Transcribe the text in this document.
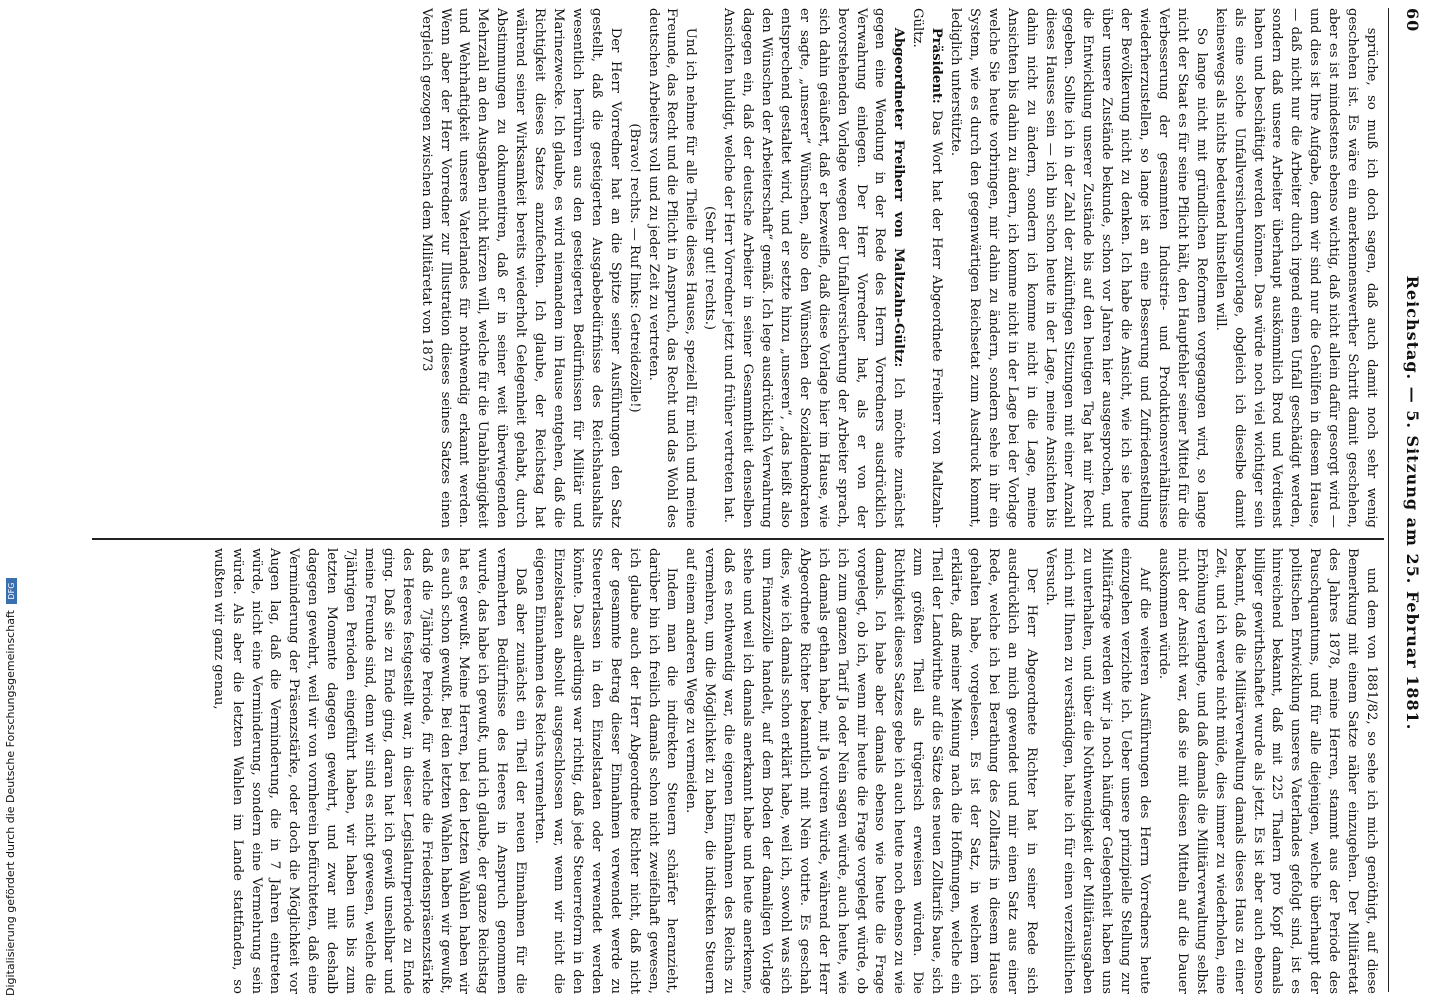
60
Reichstag. — 5. Sitzung am 25. Februar 1881.

sprüche, so muß ich doch sagen, daß auch damit noch sehr wenig geschehen ist. Es wäre ein anerkennenswerther Schritt damit geschehen, aber es ist mindestens ebenso wichtig, daß nicht allein dafür gesorgt wird — und dies ist Ihre Aufgabe, denn wir sind nur die Gehülfen in diesem Hause, — daß nicht nur die Arbeiter durch irgend einen Unfall geschädigt werden, sondern daß unsere Arbeiter überhaupt auskömmlich Brod und Verdienst haben und beschäftigt werden können. Das würde noch viel wichtiger sein als eine solche Unfallversicherungsvorlage, obgleich ich dieselbe damit keineswegs als nichts bedeutend hinstellen will.

So lange nicht mit gründlichen Reformen vorgegangen wird, so lange nicht der Staat es für seine Pflicht hält, den Hauptfehler seiner Mittel für die Verbesserung der gesammten Industrie- und Produktionsverhältnisse wiederherzustellen, so lange ist an eine Besserung und Zufriedenstellung der Bevölkerung nicht zu denken. Ich habe die Ansicht, wie ich sie heute über unsere Zustände bekunde, schon vor Jahren hier ausgesprochen, und die Entwicklung unserer Zustände bis auf den heutigen Tag hat mir Recht gegeben. Sollte ich in der Zahl der zukünftigen Sitzungen mit einer Anzahl dieses Hauses sein — ich bin schon heute in der Lage, meine Ansichten bis dahin nicht zu ändern, sondern ich komme nicht in die Lage, meine Ansichten bis dahin zu ändern, ich komme nicht in der Lage bei der Vorlage welche Sie heute vorbringen, mir dahin zu ändern, sondern sehe in ihr ein System, wie es durch den gegenwärtigen Reichsetat zum Ausdruck kommt, lediglich unterstützte.

Präsident: Das Wort hat der Herr Abgeordnete Freiherr von Maltzahn-Gültz.

Abgeordneter Freiherr von Maltzahn-Gültz: Ich möchte zunächst gegen eine Wendung in der Rede des Herrn Vorredners ausdrücklich Verwahrung einlegen. Der Herr Vorredner hat, als er von der bevorstehenden Vorlage wegen der Unfallversicherung der Arbeiter sprach, sich dahin geäußert, daß er bezweifle, daß diese Vorlage hier im Hause, wie er sagte, „unserer“ Wünschen, also den Wünschen der Sozialdemokraten entsprechend gestaltet wird, und er setzte hinzu „unseren“, „das heißt also den Wünschen der Arbeiterschaft“ gemäß. Ich lege ausdrücklich Verwahrung dagegen ein, daß der deutsche Arbeiter in seiner Gesammtheit denselben Ansichten huldigt, welche der Herr Vorredner jetzt und früher vertreten hat.

(Sehr gut! rechts.)

Und ich nehme für alle Theile dieses Hauses, speziell für mich und meine Freunde, das Recht und die Pflicht in Anspruch, das Recht und das Wohl des deutschen Arbeiters voll und zu jeder Zeit zu vertreten.

(Bravo! rechts. — Ruf links: Getreidezölle!)

Der Herr Vorredner hat an die Spitze seiner Ausführungen den Satz gestellt, daß die gesteigerten Ausgabebedürfnisse des Reichshaushalts wesentlich herrühren aus den gesteigerten Bedürfnissen für Militär und Marinezwecke. Ich glaube, es wird niemandem im Hause entgehen, daß die Richtigkeit dieses Satzes anzufechten. Ich glaube, der Reichstag hat während seiner Wirksamkeit bereits wiederholt Gelegenheit gehabt, durch Abstimmungen zu dokumentiren, daß er in seiner weit überwiegenden Mehrzahl an den Ausgaben nicht kürzen will, welche für die Unabhängigkeit und Wehrhaftigkeit unseres Vaterlandes für nothwendig erkannt werden. Wenn aber der Herr Vorredner zur Illustration dieses seines Satzes einen Vergleich gezogen zwischen dem Militäretat von 1873

und dem von 1881/82, so sehe ich mich genöthigt, auf diese Bemerkung mit einem Satze näher einzugehen. Der Militäretat des Jahres 1878, meine Herren, stammt aus der Periode des Pauschquantums, und für alle diejenigen, welche überhaupt der politischen Entwicklung unseres Vaterlandes gefolgt sind, ist es hinreichend bekannt, daß mit 225 Thalern pro Kopf damals billiger gewirthschaftet wurde als jetzt. Es ist aber auch ebenso bekannt, daß die Militärverwaltung damals dieses Haus zu einer Zeit, und ich werde nicht müde, dies immer zu wiederholen, eine Erhöhung verlangte, und daß damals die Militärverwaltung selbst nicht der Ansicht war, daß sie mit diesen Mitteln auf die Dauer auskommen würde.

Auf die weiteren Ausführungen des Herrn Vorredners heute einzugehen verzichte ich. Ueber unsere prinzipielle Stellung zur Militärfrage werden wir ja noch häufiger Gelegenheit haben uns zu unterhalten, und über die Nothwendigkeit der Militärausgaben mich mit Ihnen zu verständigen, halte ich für einen verzeihlichen Versuch.

Der Herr Abgeordnete Richter hat in seiner Rede sich ausdrücklich an mich gewendet und mir einen Satz aus einer Rede, welche ich bei Berathung des Zolltarifs in diesem Hause gehalten habe, vorgelesen. Es ist der Satz, in welchem ich erklärte, daß meiner Meinung nach die Hoffnungen, welche ein Theil der Landwirthe auf die Sätze des neuen Zolltarifs baue, sich zum größten Theil als trügerisch erweisen würden. Die Richtigkeit dieses Satzes gebe ich auch heute noch ebenso zu wie damals. Ich habe aber damals ebenso wie heute die Frage vorgelegt, ob ich, wenn mir heute die Frage vorgelegt würde, ob ich zum ganzen Tarif Ja oder Nein sagen würde, auch heute, wie ich damals gethan habe, mit Ja votiren würde, während der Herr Abgeordnete Richter bekanntlich mit Nein votirte. Es geschah dies, wie ich damals schon erklärt habe, weil ich, sowohl was sich um Finanzzölle handelt, auf dem Boden der damaligen Vorlage stehe und weil ich damals anerkannt habe und heute anerkenne, daß es nothwendig war, die eigenen Einnahmen des Reichs zu vermehren, um die Möglichkeit zu haben, die indirekten Steuern auf einem anderen Wege zu vermeiden.

Indem man die indirekten Steuern schärfer heranzieht, darüber bin ich freilich damals schon nicht zweifelhaft gewesen, ich glaube auch der Herr Abgeordnete Richter nicht, daß nicht der gesammte Betrag dieser Einnahmen verwendet werde zu Steuererlassen in den Einzelstaaten oder verwendet werden könnte. Das allerdings war richtig, daß jede Steuerreform in den Einzelstaaten absolut ausgeschlossen war, wenn wir nicht die eigenen Einnahmen des Reichs vermehrten.

Daß aber zunächst ein Theil der neuen Einnahmen für die vermehrten Bedürfnisse des Heeres in Anspruch genommen wurde, das habe ich gewußt, und ich glaube, der ganze Reichstag hat es gewußt. Meine Herren, bei den letzten Wahlen haben wir es auch schon gewußt. Bei den letzten Wahlen haben wir gewußt, daß die 7jährige Periode, für welche die Friedenspräsenzstärke des Heeres festgestellt war, in dieser Legislaturperiode zu Ende ging. Daß sie zu Ende ging, daran hat ich gewiß unsehlbar und meine Freunde sind, denn wir sind es nicht gewesen, welche die 7jährigen Perioden eingeführt haben, wir haben uns bis zum letzten Momente dagegen gewehrt, und zwar mit deshalb dagegen gewehrt, weil wir von vornherein befürchteten, daß eine Verminderung der Präsenzstärke, oder doch die Möglichkeit vor Augen lag, daß die Verminderung, die in 7 Jahren eintreten würde, nicht eine Verminderung, sondern eine Vermehrung sein würde. Als aber die letzten Wahlen im Lande stattfanden, so wußten wir ganz genau,

Digitalisierung gefördert durch die Deutsche ForschungsgemeinschaftDFG
